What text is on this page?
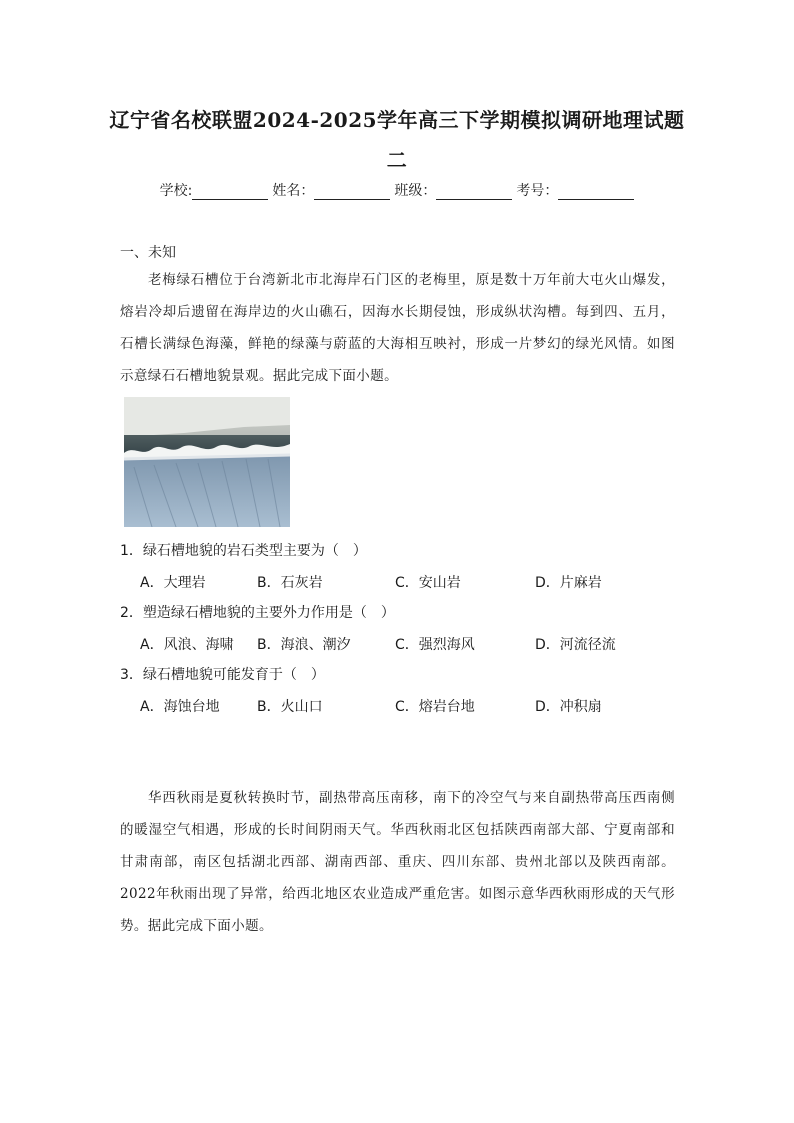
辽宁省名校联盟2024-2025学年高三下学期模拟调研地理试题
二
学校:	姓名：	班级：	考号：
一、未知
老梅绿石槽位于台湾新北市北海岸石门区的老梅里，原是数十万年前大屯火山爆发，熔岩冷却后遗留在海岸边的火山礁石，因海水长期侵蚀，形成纵状沟槽。每到四、五月，石槽长满绿色海藻，鲜艳的绿藻与蔚蓝的大海相互映衬，形成一片梦幻的绿光风情。如图示意绿石石槽地貌景观。据此完成下面小题。
1．绿石槽地貌的岩石类型主要为（　）
A．大理岩	B．石灰岩	C．安山岩	D．片麻岩
2．塑造绿石槽地貌的主要外力作用是（　）
A．风浪、海啸 B．海浪、潮汐	C．强烈海风	D．河流径流
3．绿石槽地貌可能发育于（　）
A．海蚀台地	B．火山口	C．熔岩台地	D．冲积扇
华西秋雨是夏秋转换时节，副热带高压南移，南下的冷空气与来自副热带高压西南侧的暖湿空气相遇，形成的长时间阴雨天气。华西秋雨北区包括陕西南部大部、宁夏南部和甘肃南部，南区包括湖北西部、湖南西部、重庆、四川东部、贵州北部以及陕西南部。2022年秋雨出现了异常，给西北地区农业造成严重危害。如图示意华西秋雨形成的天气形势。据此完成下面小题。
